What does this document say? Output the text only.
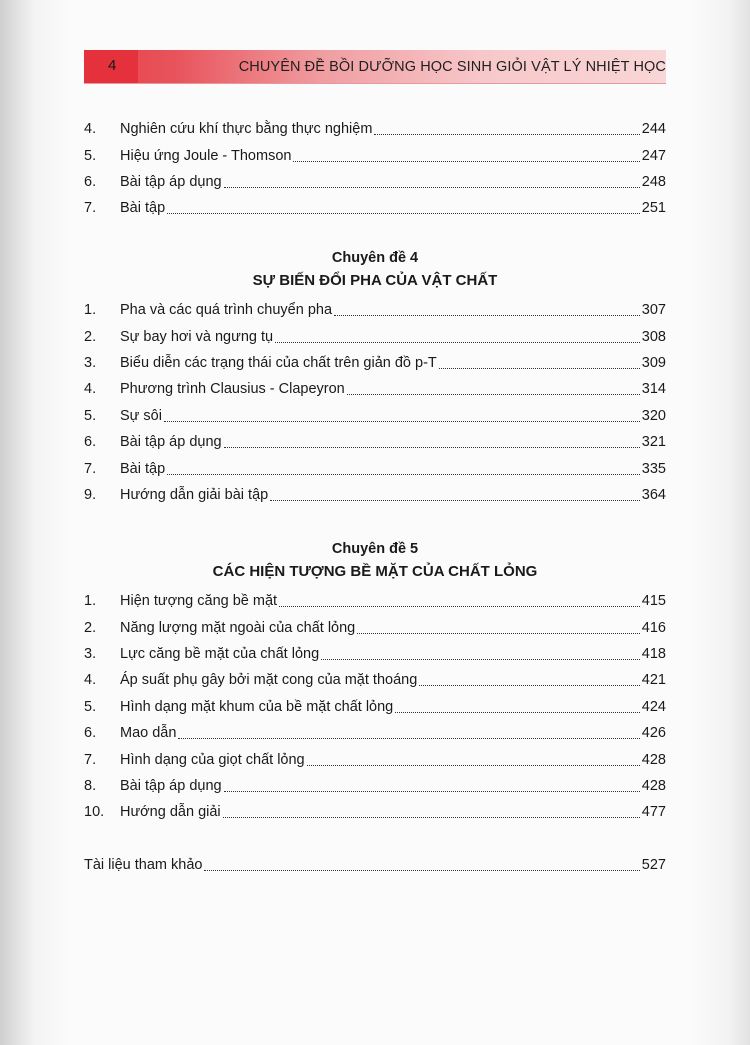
4	CHUYÊN ĐỀ BỒI DƯỠNG HỌC SINH GIỎI VẬT LÝ NHIỆT HỌC
4.	Nghiên cứu khí thực bằng thực nghiệm	244
5.	Hiệu ứng Joule - Thomson	247
6.	Bài tập áp dụng	248
7.	Bài tập	251
Chuyên đề 4
SỰ BIẾN ĐỔI PHA CỦA VẬT CHẤT
1.	Pha và các quá trình chuyển pha	307
2.	Sự bay hơi và ngưng tụ	308
3.	Biểu diễn các trạng thái của chất trên giản đồ p-T	309
4.	Phương trình Clausius - Clapeyron	314
5.	Sự sôi	320
6.	Bài tập áp dụng	321
7.	Bài tập	335
9.	Hướng dẫn giải bài tập	364
Chuyên đề 5
CÁC HIỆN TƯỢNG BỀ MẶT CỦA CHẤT LỎNG
1.	Hiện tượng căng bề mặt	415
2.	Năng lượng mặt ngoài của chất lỏng	416
3.	Lực căng bề mặt của chất lỏng	418
4.	Áp suất phụ gây bởi mặt cong của mặt thoáng	421
5.	Hình dạng mặt khum của bề mặt chất lỏng	424
6.	Mao dẫn	426
7.	Hình dạng của giọt chất lỏng	428
8.	Bài tập áp dụng	428
10.	Hướng dẫn giải	477
Tài liệu tham khảo	527
